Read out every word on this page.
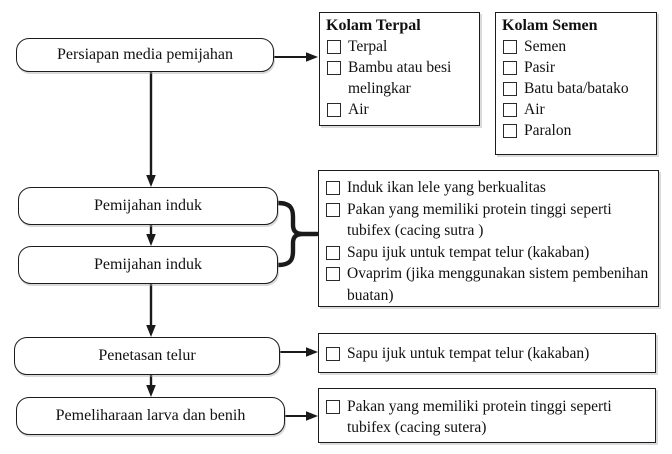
Persiapan media pemijahan
Pemijahan induk
Pemijahan induk
Penetasan telur
Pemeliharaan larva dan benih
Kolam Terpal
Terpal
Bambu atau besi melingkar
Air
Kolam Semen
Semen
Pasir
Batu bata/batako
Air
Paralon
Induk ikan lele yang berkualitas
Pakan yang memiliki protein tinggi seperti tubifex (cacing sutra )
Sapu ijuk untuk tempat telur (kakaban)
Ovaprim (jika menggunakan sistem pembenihan buatan)
Sapu ijuk untuk tempat telur (kakaban)
Pakan yang memiliki protein tinggi seperti tubifex (cacing sutera)
